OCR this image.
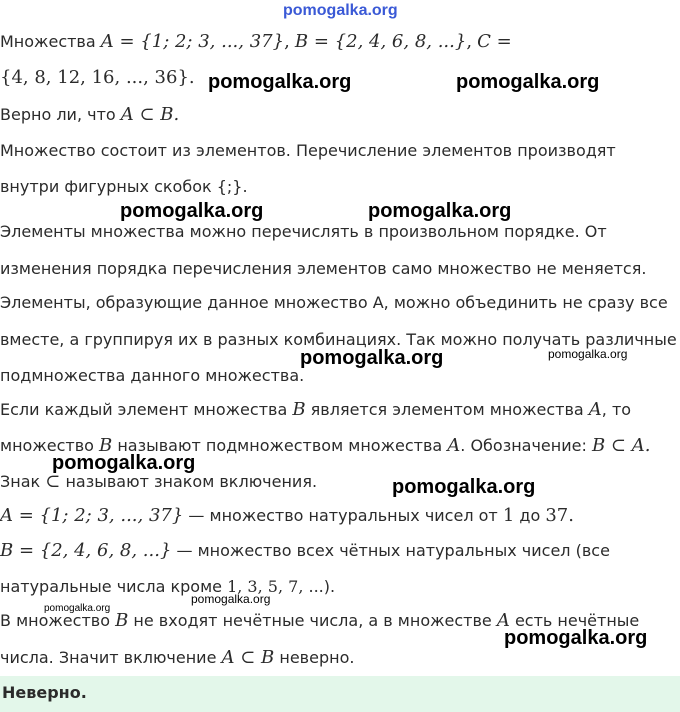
pomogalka.org
Множества A = {1; 2; 3, ..., 37}, B = {2, 4, 6, 8, ...}, C =
{4, 8, 12, 16, ..., 36}.
Верно ли, что A ⊂ B.
Множество состоит из элементов. Перечисление элементов производят
внутри фигурных скобок {;}.
Элементы множества можно перечислять в произвольном порядке. От
изменения порядка перечисления элементов само множество не меняется.
Элементы, образующие данное множество A, можно объединить не сразу все
вместе, а группируя их в разных комбинациях. Так можно получать различные
подмножества данного множества.
Если каждый элемент множества B является элементом множества A, то
множество B называют подмножеством множества A. Обозначение: B ⊂ A.
Знак ⊂ называют знаком включения.
A = {1; 2; 3, ..., 37} — множество натуральных чисел от 1 до 37.
B = {2, 4, 6, 8, ...} — множество всех чётных натуральных чисел (все
натуральные числа кроме 1, 3, 5, 7, ...).
В множество B не входят нечётные числа, а в множестве A есть нечётные
числа. Значит включение A ⊂ B неверно.
Неверно.
pomogalka.org	pomogalka.org
pomogalka.org	pomogalka.org
pomogalka.org	pomogalka.org
pomogalka.org
pomogalka.org
pomogalka.org
pomogalka.org
pomogalka.org
